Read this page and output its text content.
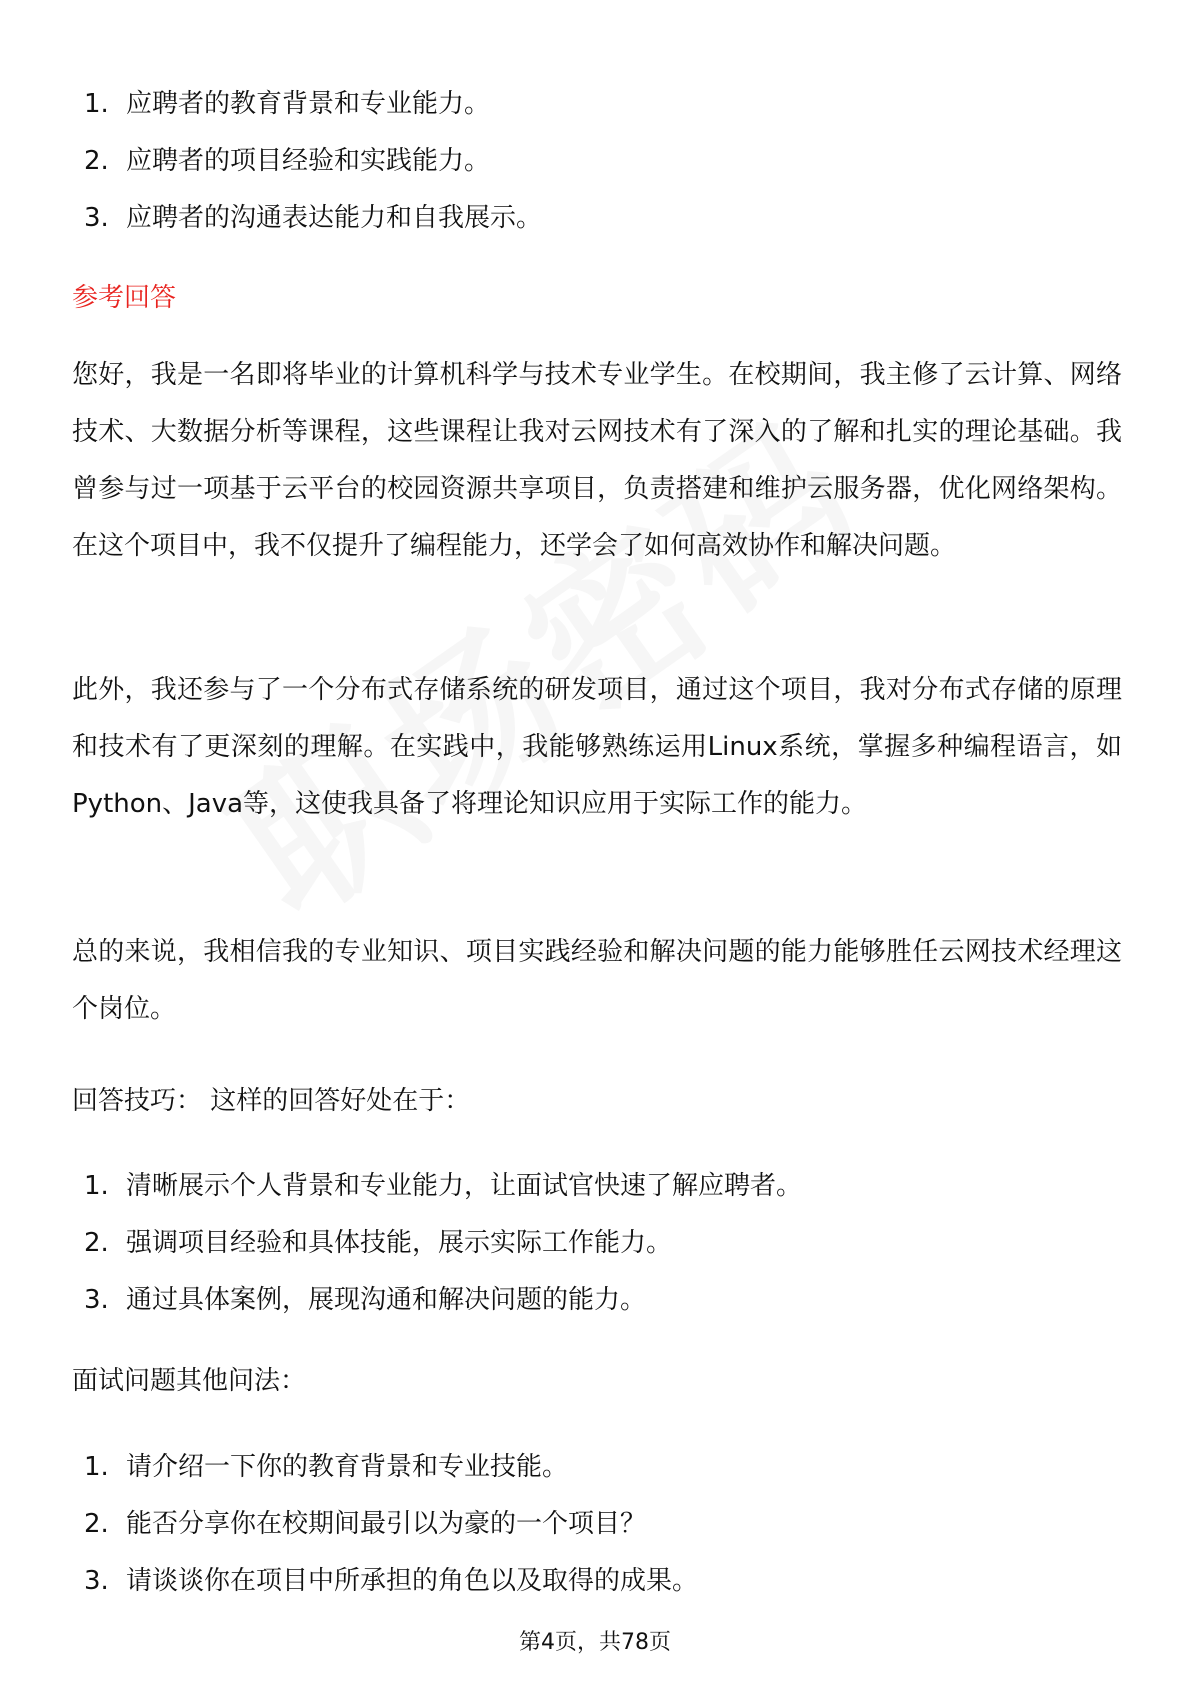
1. 应聘者的教育背景和专业能力。
2. 应聘者的项目经验和实践能力。
3. 应聘者的沟通表达能力和自我展示。
参考回答

您好，我是一名即将毕业的计算机科学与技术专业学生。在校期间，我主修了云计算、网络技术、大数据分析等课程，这些课程让我对云网技术有了深入的了解和扎实的理论基础。我曾参与过一项基于云平台的校园资源共享项目，负责搭建和维护云服务器，优化网络架构。在这个项目中，我不仅提升了编程能力，还学会了如何高效协作和解决问题。

此外，我还参与了一个分布式存储系统的研发项目，通过这个项目，我对分布式存储的原理和技术有了更深刻的理解。在实践中，我能够熟练运用Linux系统，掌握多种编程语言，如Python、Java等，这使我具备了将理论知识应用于实际工作的能力。

总的来说，我相信我的专业知识、项目实践经验和解决问题的能力能够胜任云网技术经理这个岗位。

回答技巧： 这样的回答好处在于：
1. 清晰展示个人背景和专业能力，让面试官快速了解应聘者。
2. 强调项目经验和具体技能，展示实际工作能力。
3. 通过具体案例，展现沟通和解决问题的能力。
面试问题其他问法：
1. 请介绍一下你的教育背景和专业技能。
2. 能否分享你在校期间最引以为豪的一个项目？
3. 请谈谈你在项目中所承担的角色以及取得的成果。
第4页，共78页
